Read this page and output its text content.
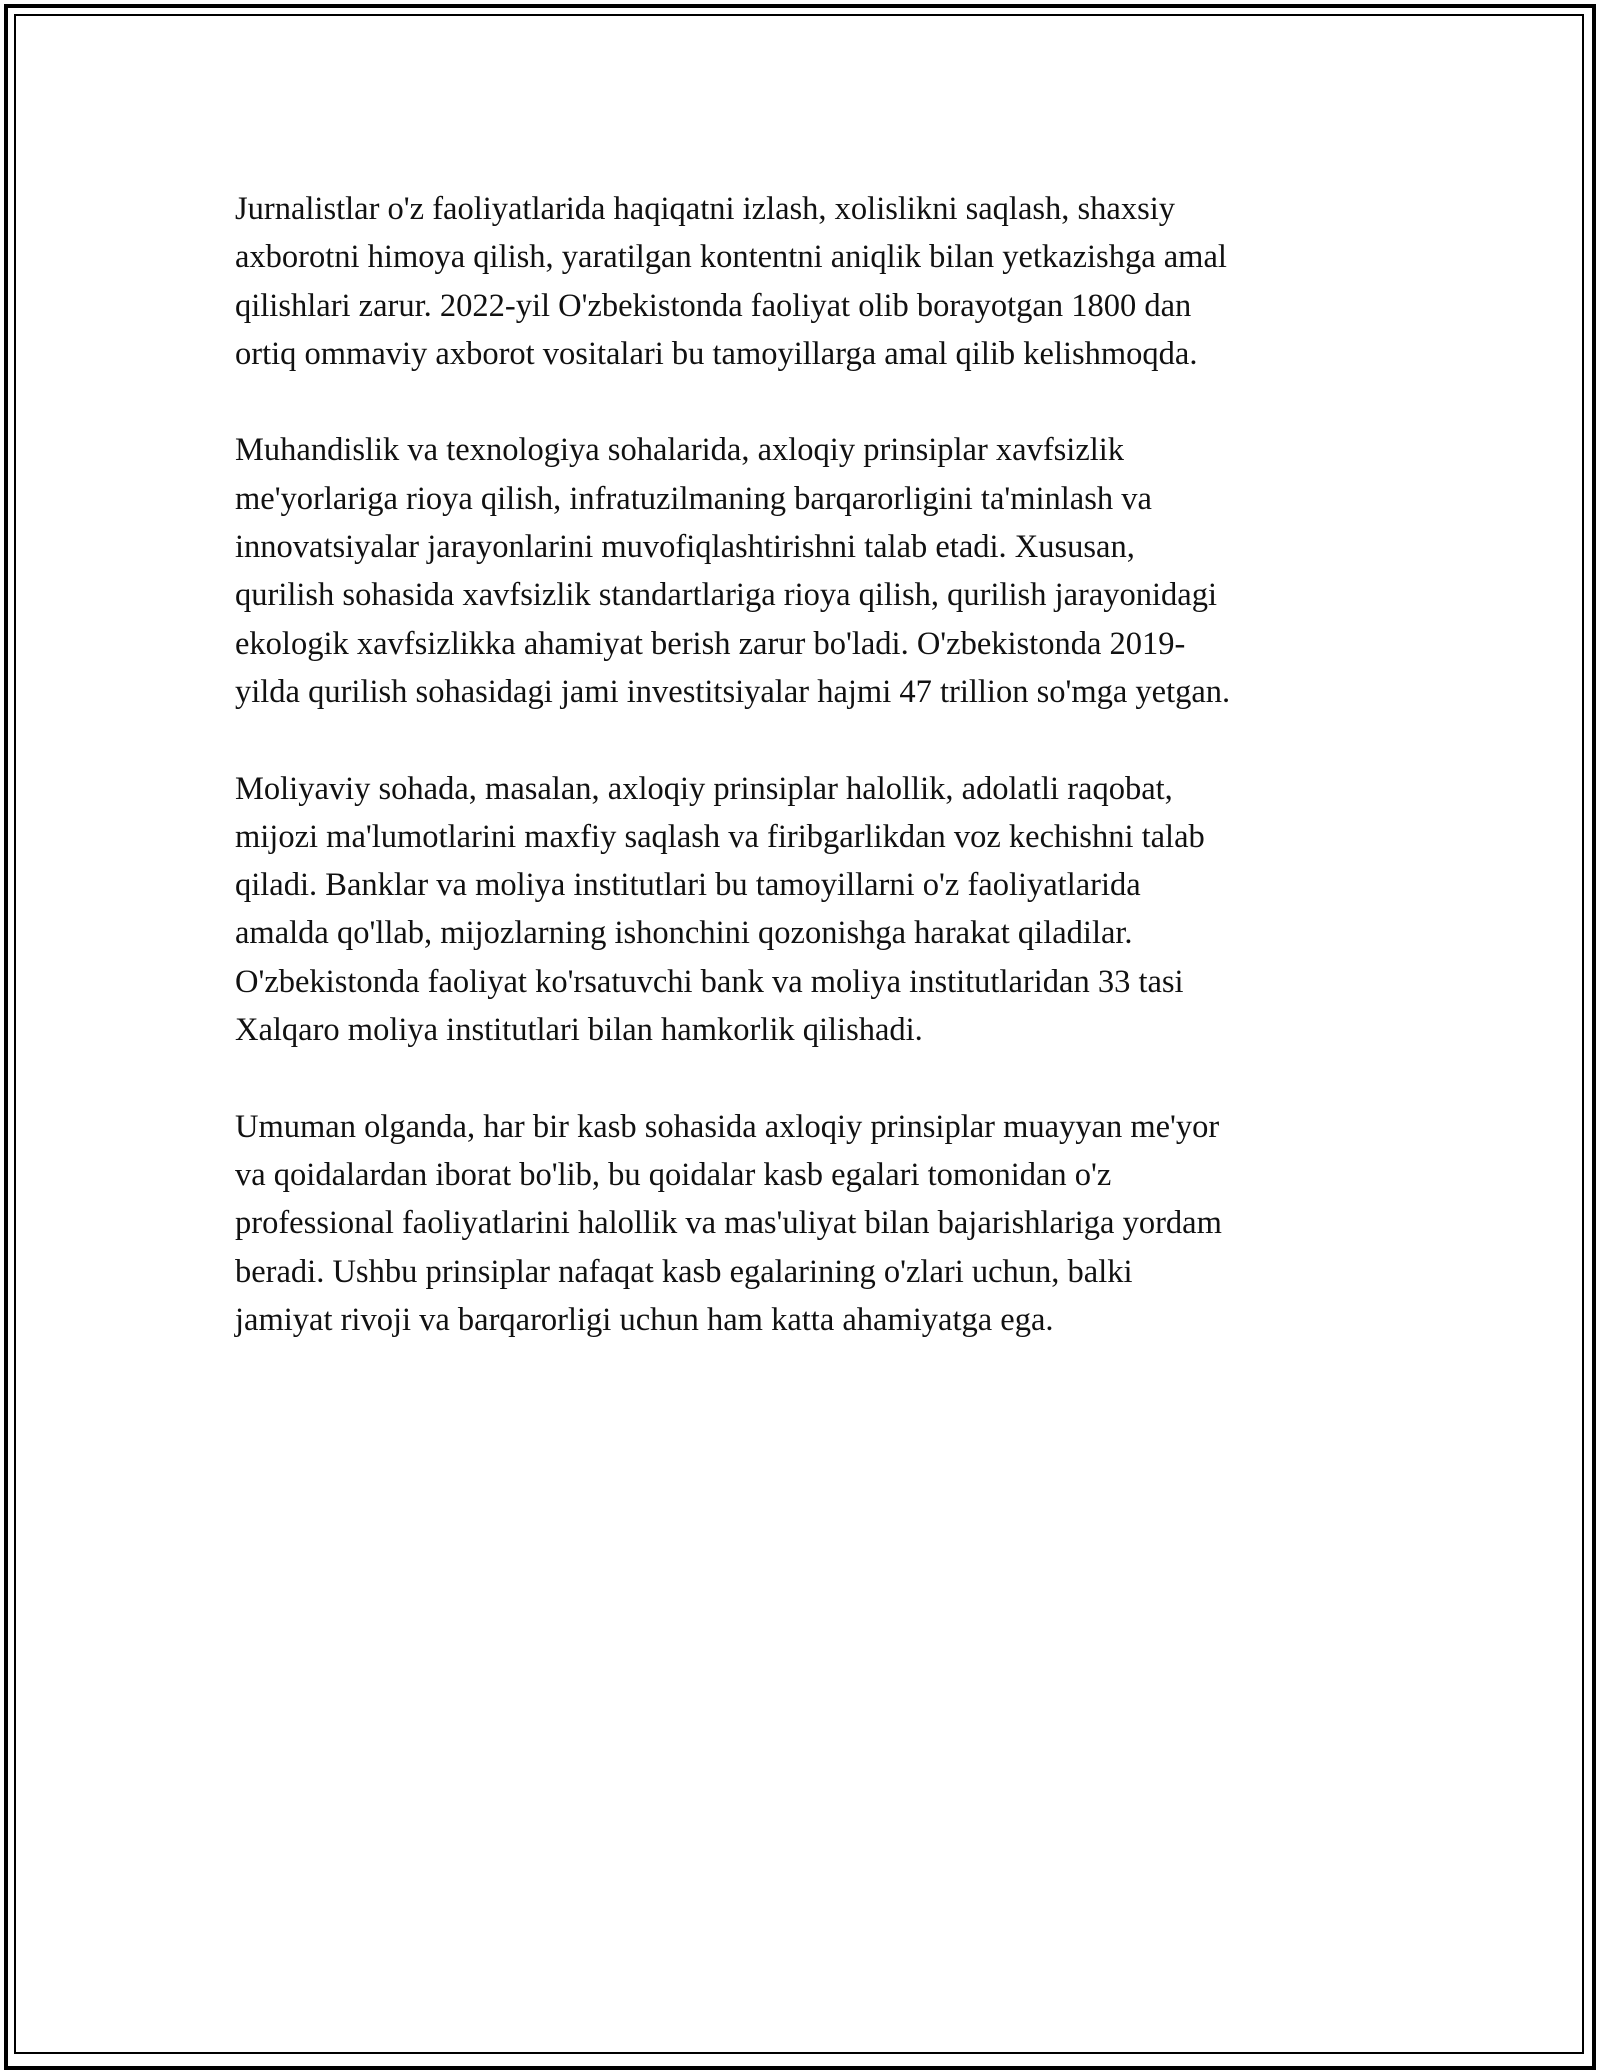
Jurnalistlar o'z faoliyatlarida haqiqatni izlash, xolislikni saqlash, shaxsiy
axborotni himoya qilish, yaratilgan kontentni aniqlik bilan yetkazishga amal
qilishlari zarur. 2022-yil O'zbekistonda faoliyat olib borayotgan 1800 dan
ortiq ommaviy axborot vositalari bu tamoyillarga amal qilib kelishmoqda.

Muhandislik va texnologiya sohalarida, axloqiy prinsiplar xavfsizlik
me'yorlariga rioya qilish, infratuzilmaning barqarorligini ta'minlash va
innovatsiyalar jarayonlarini muvofiqlashtirishni talab etadi. Xususan,
qurilish sohasida xavfsizlik standartlariga rioya qilish, qurilish jarayonidagi
ekologik xavfsizlikka ahamiyat berish zarur bo'ladi. O'zbekistonda 2019-
yilda qurilish sohasidagi jami investitsiyalar hajmi 47 trillion so'mga yetgan.

Moliyaviy sohada, masalan, axloqiy prinsiplar halollik, adolatli raqobat,
mijozi ma'lumotlarini maxfiy saqlash va firibgarlikdan voz kechishni talab
qiladi. Banklar va moliya institutlari bu tamoyillarni o'z faoliyatlarida
amalda qo'llab, mijozlarning ishonchini qozonishga harakat qiladilar.
O'zbekistonda faoliyat ko'rsatuvchi bank va moliya institutlaridan 33 tasi
Xalqaro moliya institutlari bilan hamkorlik qilishadi.

Umuman olganda, har bir kasb sohasida axloqiy prinsiplar muayyan me'yor
va qoidalardan iborat bo'lib, bu qoidalar kasb egalari tomonidan o'z
professional faoliyatlarini halollik va mas'uliyat bilan bajarishlariga yordam
beradi. Ushbu prinsiplar nafaqat kasb egalarining o'zlari uchun, balki
jamiyat rivoji va barqarorligi uchun ham katta ahamiyatga ega.
